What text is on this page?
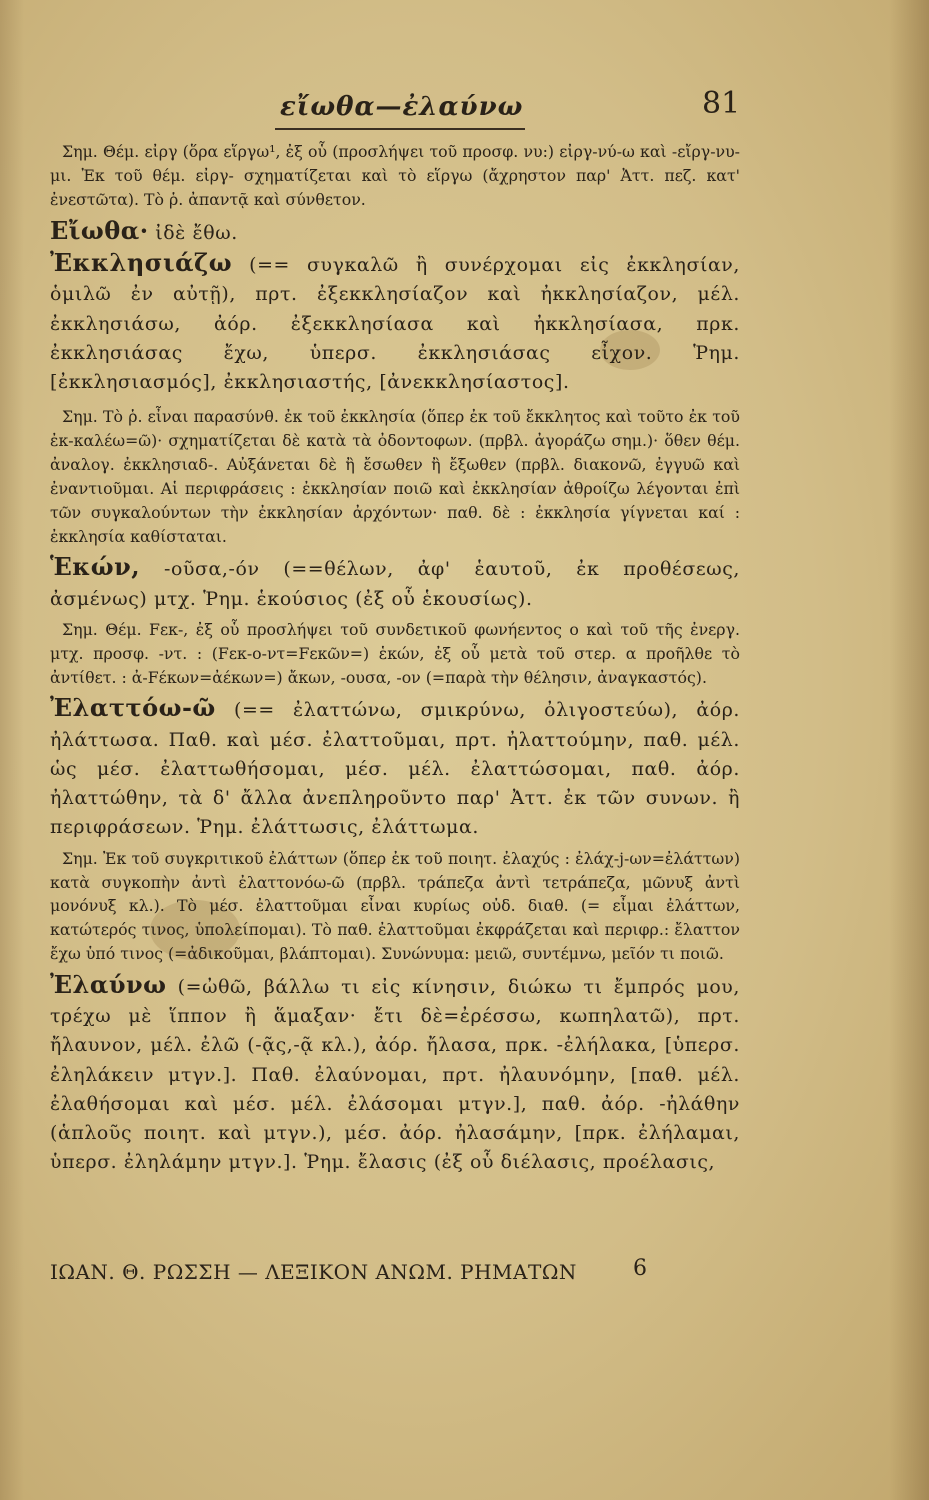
εἴωθα—ἐλαύνω	81

Σημ. Θέμ. εἰργ (ὅρα εἵργω¹, ἐξ οὗ (προσλήψει τοῦ προσφ. νυ:) εἰργ-νύ-ω καὶ -εἴργ-νυ-μι. Ἐκ τοῦ θέμ. εἰργ- σχηματίζεται καὶ τὸ εἵργω (ἄχρηστον παρ' Ἀττ. πεζ. κατ' ἐνεστῶτα). Τὸ ῥ. ἀπαντᾷ καὶ σύνθετον.

Εἴωθα· ἰδὲ ἔθω.

Ἐκκλησιάζω (== συγκαλῶ ἢ συνέρχομαι εἰς ἐκκλησίαν, ὁμιλῶ ἐν αὐτῇ), πρτ. ἐξεκκλησίαζον καὶ ἠκκλησίαζον, μέλ. ἐκκλησιάσω, ἀόρ. ἐξεκκλησίασα καὶ ἠκκλησίασα, πρκ. ἐκκλησιάσας ἔχω, ὑπερσ. ἐκκλησιάσας εἶχον. Ῥημ. [ἐκκλησιασμός], ἐκκλησιαστής, [ἀνεκκλησίαστος].

Σημ. Τὸ ῥ. εἶναι παρασύνθ. ἐκ τοῦ ἐκκλησία (ὅπερ ἐκ τοῦ ἔκκλητος καὶ τοῦτο ἐκ τοῦ ἐκ-καλέω=ῶ)· σχηματίζεται δὲ κατὰ τὰ ὀδοντοφων. (πρβλ. ἀγοράζω σημ.)· ὅθεν θέμ. ἀναλογ. ἐκκλησιαδ-. Αὐξάνεται δὲ ἢ ἔσωθεν ἢ ἔξωθεν (πρβλ. διακονῶ, ἐγγυῶ καὶ ἐναντιοῦμαι. Αἱ περιφράσεις : ἐκκλησίαν ποιῶ καὶ ἐκκλησίαν ἀθροίζω λέγονται ἐπὶ τῶν συγκαλούντων τὴν ἐκκλησίαν ἀρχόντων· παθ. δὲ : ἐκκλησία γίγνεται καί : ἐκκλησία καθίσταται.

Ἑκών, -οῦσα,-όν (==θέλων, ἀφ' ἑαυτοῦ, ἐκ προθέσεως, ἀσμένως) μτχ. Ῥημ. ἑκούσιος (ἐξ οὗ ἑκουσίως).

Σημ. Θέμ. Fεκ-, ἐξ οὗ προσλήψει τοῦ συνδετικοῦ φωνήεντος ο καὶ τοῦ τῆς ἐνεργ. μτχ. προσφ. -ντ. : (Fεκ-ο-ντ=Fεκῶν=) ἑκών, ἐξ οὗ μετὰ τοῦ στερ. α προῆλθε τὸ ἀντίθετ. : ἀ-Fέκων=ἀέκων=) ἄκων, -ουσα, -ον (=παρὰ τὴν θέλησιν, ἀναγκαστός).

Ἐλαττόω-ῶ (== ἐλαττώνω, σμικρύνω, ὀλιγοστεύω), ἀόρ. ἠλάττωσα. Παθ. καὶ μέσ. ἐλαττοῦμαι, πρτ. ἠλαττούμην, παθ. μέλ. ὡς μέσ. ἐλαττωθήσομαι, μέσ. μέλ. ἐλαττώσομαι, παθ. ἀόρ. ἠλαττώθην, τὰ δ' ἄλλα ἀνεπληροῦντο παρ' Ἀττ. ἐκ τῶν συνων. ἢ περιφράσεων. Ῥημ. ἐλάττωσις, ἐλάττωμα.

Σημ. Ἐκ τοῦ συγκριτικοῦ ἐλάττων (ὅπερ ἐκ τοῦ ποιητ. ἐλαχύς : ἐλάχ-j-ων=ἐλάττων) κατὰ συγκοπὴν ἀντὶ ἐλαττονόω-ῶ (πρβλ. τράπεζα ἀντὶ τετράπεζα, μῶνυξ ἀντὶ μονόνυξ κλ.). Τὸ μέσ. ἐλαττοῦμαι εἶναι κυρίως οὐδ. διαθ. (= εἶμαι ἐλάττων, κατώτερός τινος, ὑπολείπομαι). Τὸ παθ. ἐλαττοῦμαι ἐκφράζεται καὶ περιφρ.: ἔλαττον ἔχω ὑπό τινος (=ἀδικοῦμαι, βλάπτομαι). Συνώνυμα: μειῶ, συντέμνω, μεῖόν τι ποιῶ.

Ἐλαύνω (=ὠθῶ, βάλλω τι εἰς κίνησιν, διώκω τι ἔμπρός μου, τρέχω μὲ ἵππον ἢ ἅμαξαν· ἔτι δὲ=ἐρέσσω, κωπηλατῶ), πρτ. ἤλαυνον, μέλ. ἐλῶ (-ᾷς,-ᾷ κλ.), ἀόρ. ἤλασα, πρκ. -ἐλήλακα, [ὑπερσ. ἐληλάκειν μτγν.]. Παθ. ἐλαύνομαι, πρτ. ἠλαυνόμην, [παθ. μέλ. ἐλαθήσομαι καὶ μέσ. μέλ. ἐλάσομαι μτγν.], παθ. ἀόρ. -ἠλάθην (ἁπλοῦς ποιητ. καὶ μτγν.), μέσ. ἀόρ. ἠλασάμην, [πρκ. ἐλήλαμαι, ὑπερσ. ἐληλάμην μτγν.]. Ῥημ. ἔλασις (ἐξ οὗ διέλασις, προέλασις,

ΙΩΑΝ. Θ. ΡΩΣΣΗ — ΛΕΞΙΚΟΝ ΑΝΩΜ. ΡΗΜΑΤΩΝ	6
